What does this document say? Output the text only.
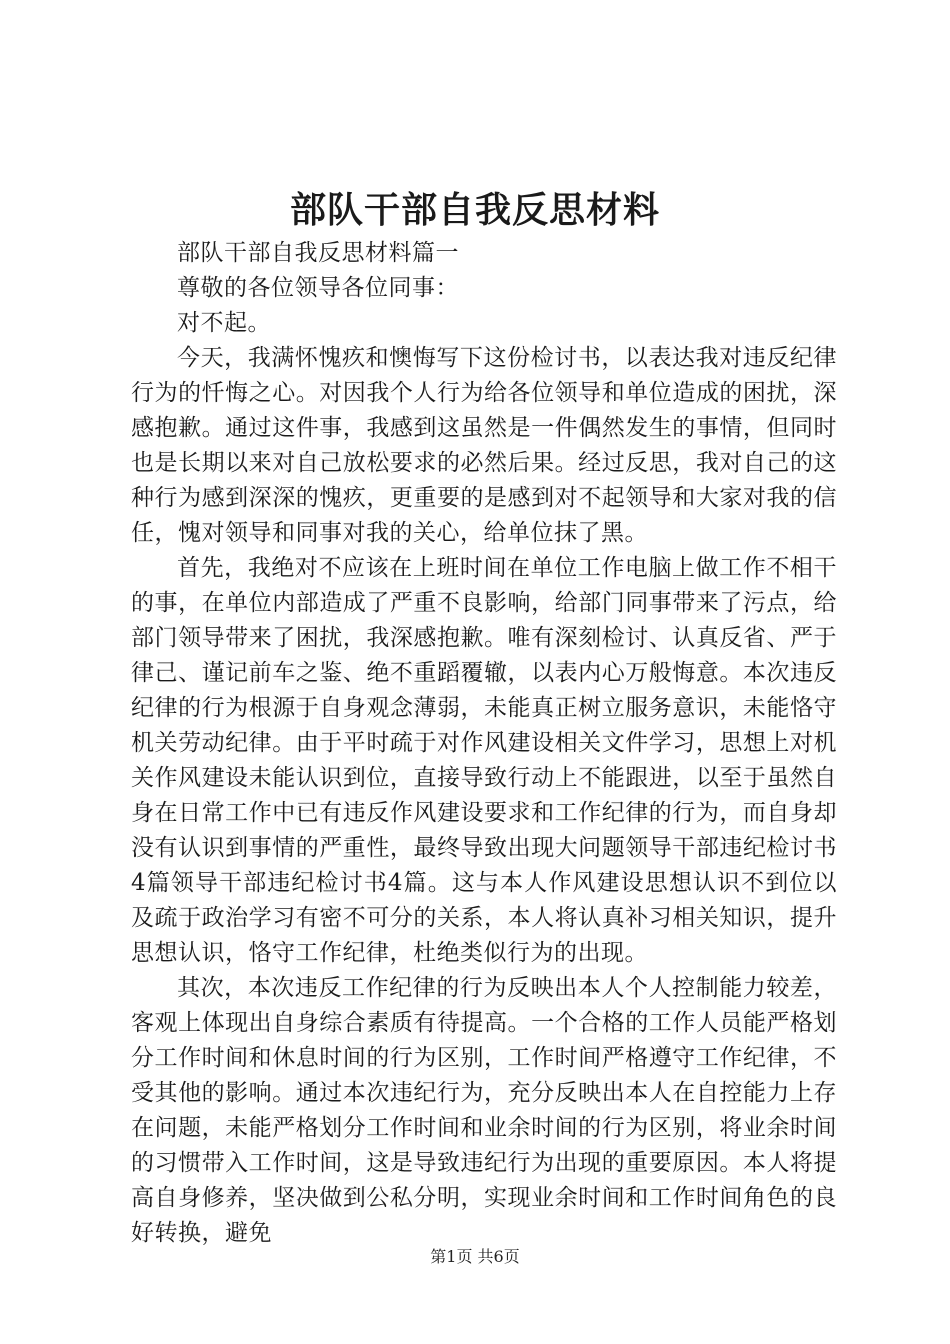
部队干部自我反思材料

部队干部自我反思材料篇一

尊敬的各位领导各位同事：

对不起。

今天，我满怀愧疚和懊悔写下这份检讨书，以表达我对违反纪律行为的忏悔之心。对因我个人行为给各位领导和单位造成的困扰，深感抱歉。通过这件事，我感到这虽然是一件偶然发生的事情，但同时也是长期以来对自己放松要求的必然后果。经过反思，我对自己的这种行为感到深深的愧疚，更重要的是感到对不起领导和大家对我的信任，愧对领导和同事对我的关心，给单位抹了黑。

首先，我绝对不应该在上班时间在单位工作电脑上做工作不相干的事，在单位内部造成了严重不良影响，给部门同事带来了污点，给部门领导带来了困扰，我深感抱歉。唯有深刻检讨、认真反省、严于律己、谨记前车之鉴、绝不重蹈覆辙，以表内心万般悔意。本次违反纪律的行为根源于自身观念薄弱，未能真正树立服务意识，未能恪守机关劳动纪律。由于平时疏于对作风建设相关文件学习，思想上对机关作风建设未能认识到位，直接导致行动上不能跟进，以至于虽然自身在日常工作中已有违反作风建设要求和工作纪律的行为，而自身却没有认识到事情的严重性，最终导致出现大问题领导干部违纪检讨书4篇领导干部违纪检讨书4篇。这与本人作风建设思想认识不到位以及疏于政治学习有密不可分的关系，本人将认真补习相关知识，提升思想认识，恪守工作纪律，杜绝类似行为的出现。

其次，本次违反工作纪律的行为反映出本人个人控制能力较差，客观上体现出自身综合素质有待提高。一个合格的工作人员能严格划分工作时间和休息时间的行为区别，工作时间严格遵守工作纪律，不受其他的影响。通过本次违纪行为，充分反映出本人在自控能力上存在问题，未能严格划分工作时间和业余时间的行为区别，将业余时间的习惯带入工作时间，这是导致违纪行为出现的重要原因。本人将提高自身修养，坚决做到公私分明，实现业余时间和工作时间角色的良好转换，避免

第1页 共6页
